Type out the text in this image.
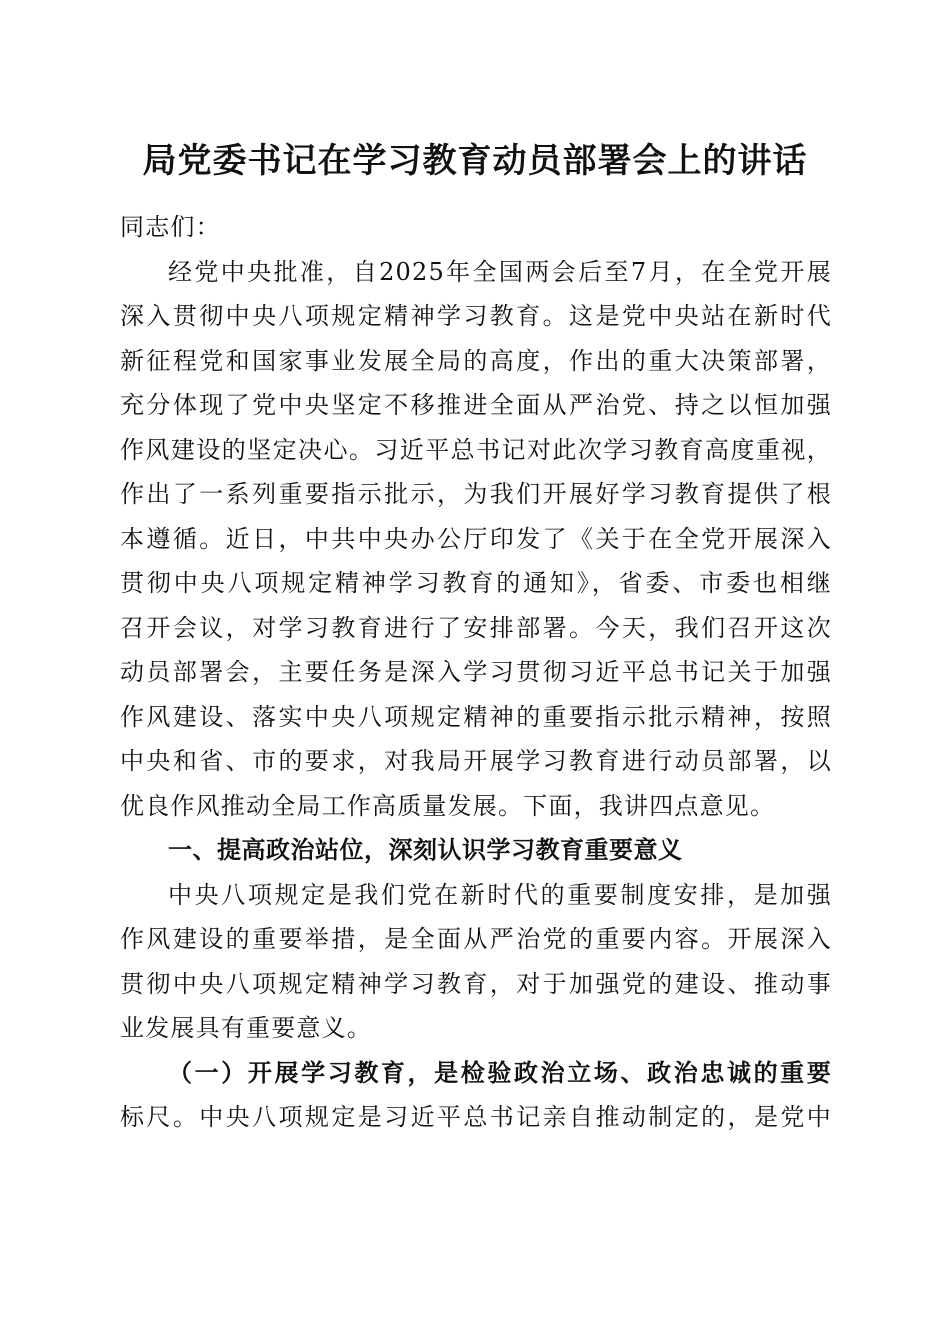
局党委书记在学习教育动员部署会上的讲话
同志们：
经党中央批准，自2025年全国两会后至7月，在全党开展
深入贯彻中央八项规定精神学习教育。这是党中央站在新时代
新征程党和国家事业发展全局的高度，作出的重大决策部署，
充分体现了党中央坚定不移推进全面从严治党、持之以恒加强
作风建设的坚定决心。习近平总书记对此次学习教育高度重视，
作出了一系列重要指示批示，为我们开展好学习教育提供了根
本遵循。近日，中共中央办公厅印发了《关于在全党开展深入
贯彻中央八项规定精神学习教育的通知》，省委、市委也相继
召开会议，对学习教育进行了安排部署。今天，我们召开这次
动员部署会，主要任务是深入学习贯彻习近平总书记关于加强
作风建设、落实中央八项规定精神的重要指示批示精神，按照
中央和省、市的要求，对我局开展学习教育进行动员部署，以
优良作风推动全局工作高质量发展。下面，我讲四点意见。
一、提高政治站位，深刻认识学习教育重要意义
中央八项规定是我们党在新时代的重要制度安排，是加强
作风建设的重要举措，是全面从严治党的重要内容。开展深入
贯彻中央八项规定精神学习教育，对于加强党的建设、推动事
业发展具有重要意义。
（一）开展学习教育，是检验政治立场、政治忠诚的重要
标尺。中央八项规定是习近平总书记亲自推动制定的，是党中
